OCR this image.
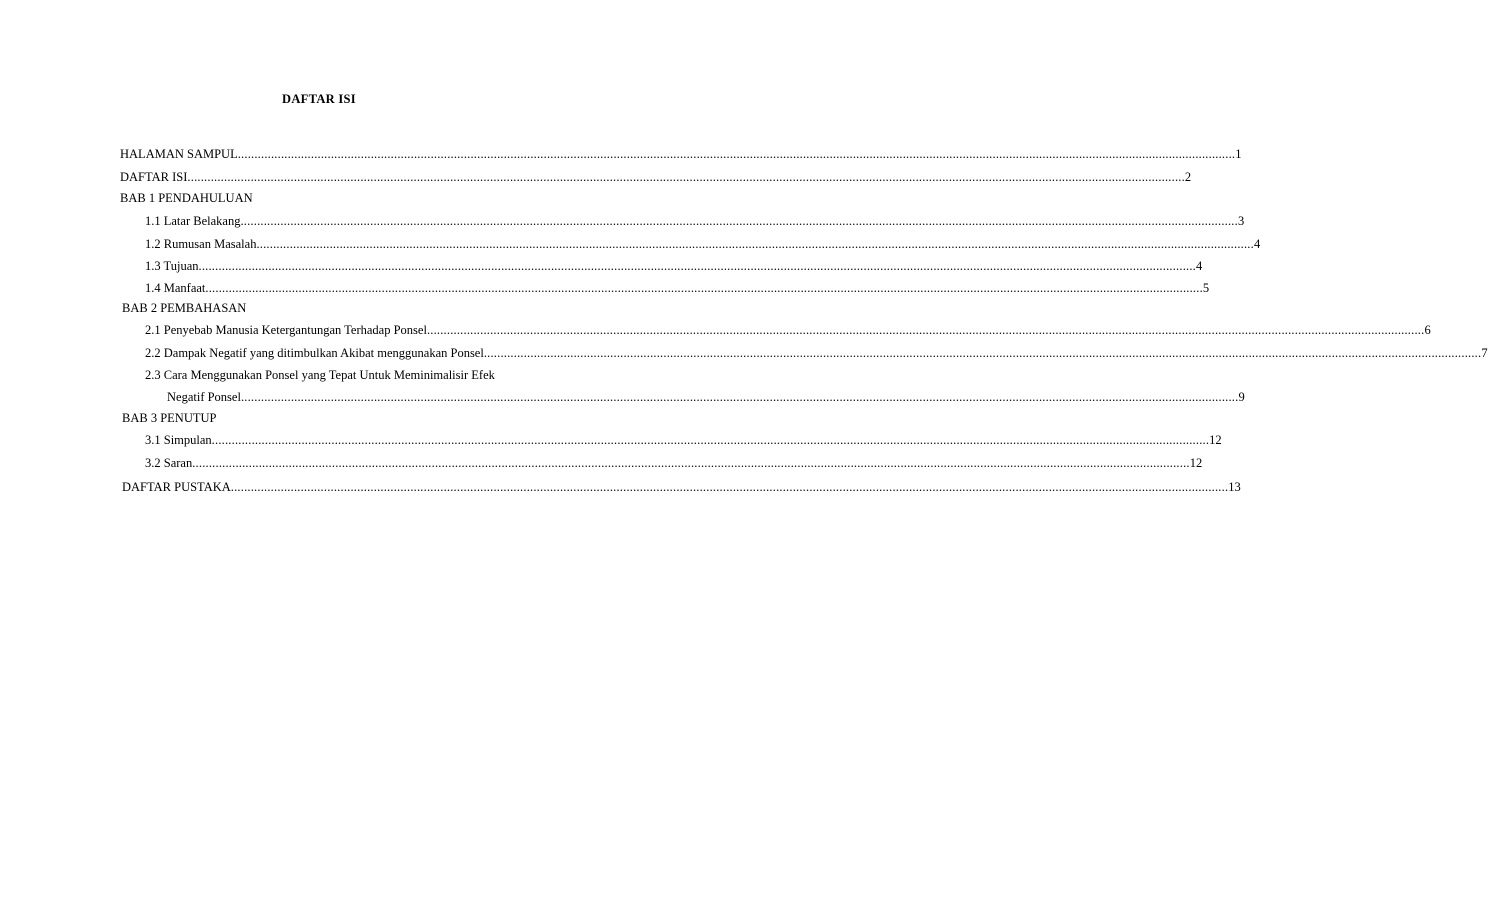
DAFTAR ISI
HALAMAN SAMPUL ............................................................................................................................................................................................................................................................................................................ 1
DAFTAR ISI ............................................................................................................................................................................................................................................................................................................ 2
BAB 1 PENDAHULUAN
1.1 Latar Belakang ............................................................................................................................................................................................................................................................................................................ 3
1.2 Rumusan Masalah ............................................................................................................................................................................................................................................................................................................ 4
1.3 Tujuan ............................................................................................................................................................................................................................................................................................................ 4
1.4 Manfaat ............................................................................................................................................................................................................................................................................................................ 5
BAB 2 PEMBAHASAN
2.1 Penyebab Manusia Ketergantungan Terhadap Ponsel ............................................................................................................................................................................................................................................................................................................ 6
2.2 Dampak Negatif yang ditimbulkan Akibat menggunakan Ponsel ............................................................................................................................................................................................................................................................................................................ 7
2.3 Cara Menggunakan Ponsel yang Tepat Untuk Meminimalisir Efek
Negatif Ponsel ............................................................................................................................................................................................................................................................................................................ 9
BAB 3 PENUTUP
3.1 Simpulan ............................................................................................................................................................................................................................................................................................................ 12
3.2 Saran ............................................................................................................................................................................................................................................................................................................ 12
DAFTAR PUSTAKA ............................................................................................................................................................................................................................................................................................................ 13
